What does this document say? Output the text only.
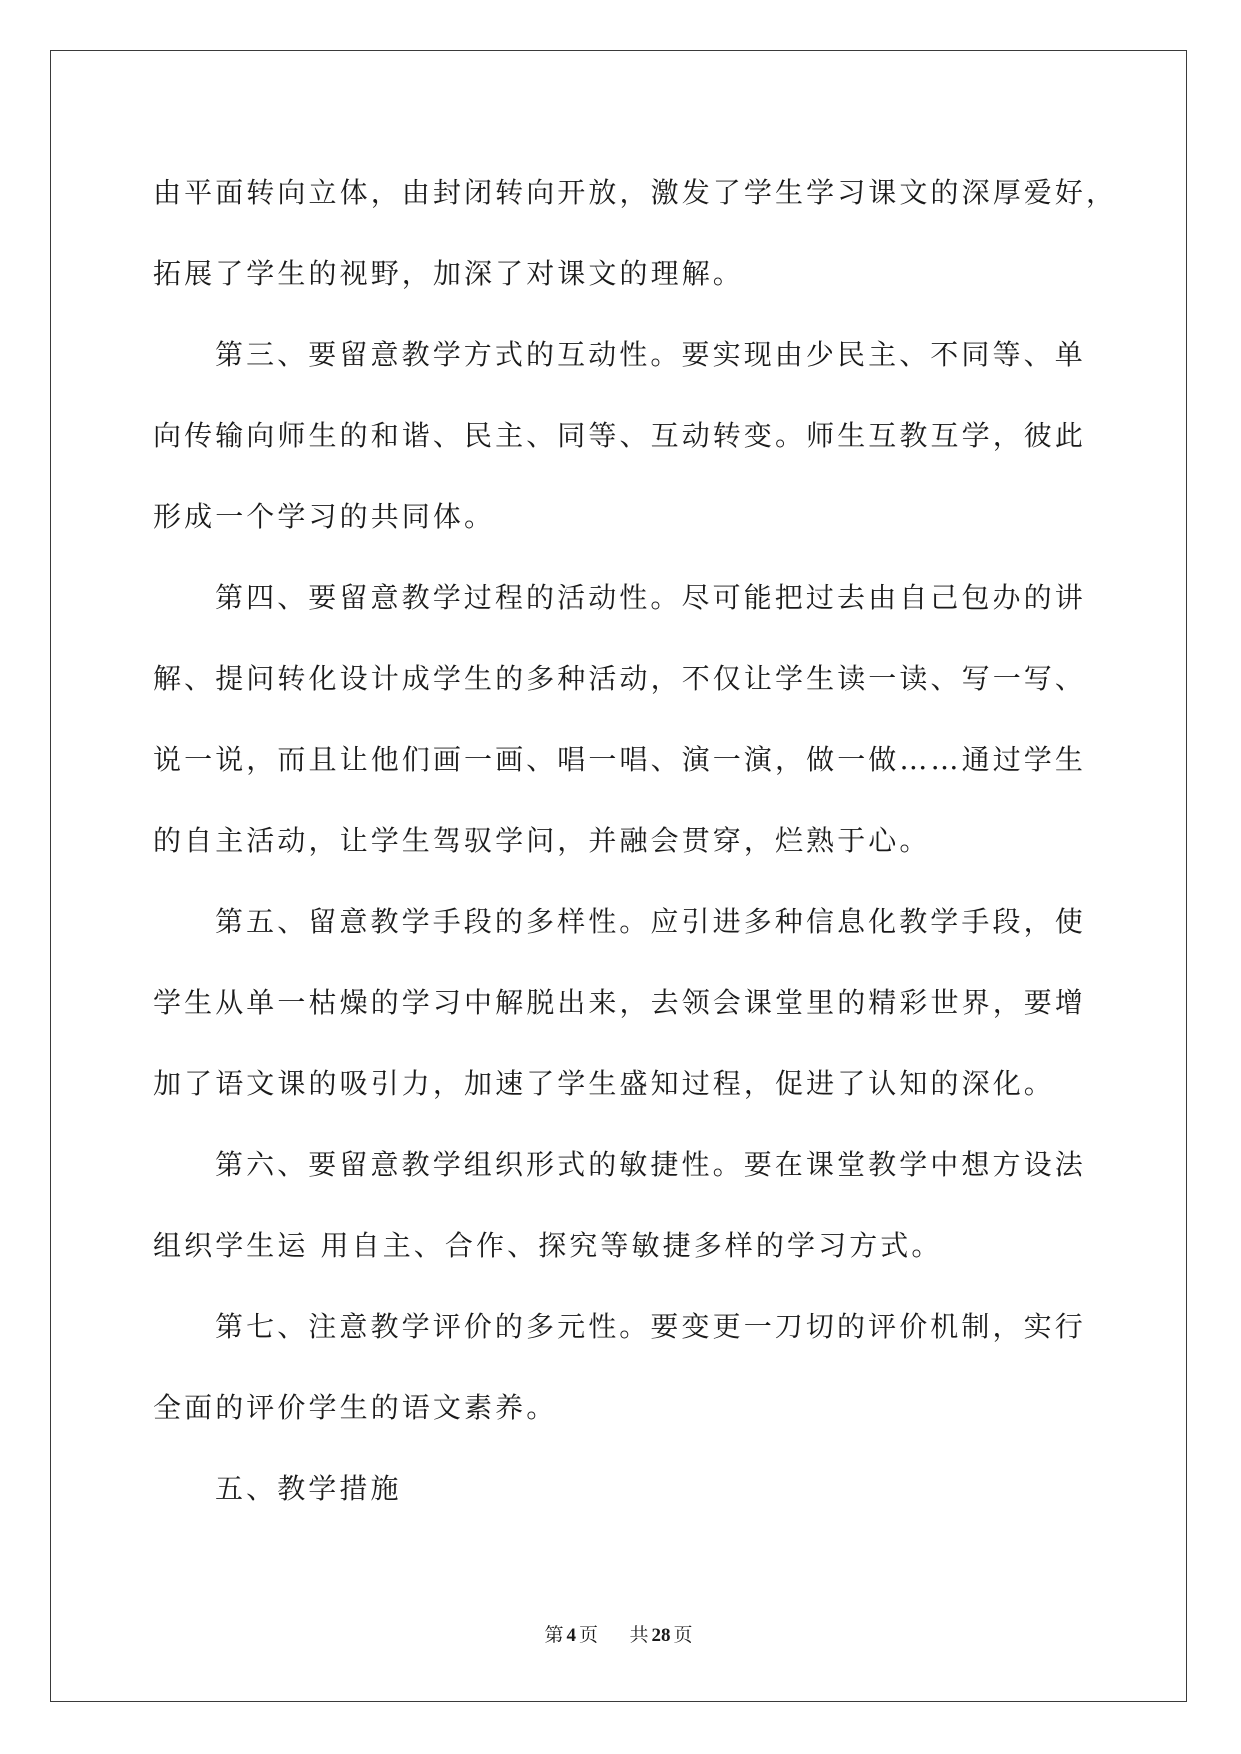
由平面转向立体，由封闭转向开放，激发了学生学习课文的深厚爱好，
拓展了学生的视野，加深了对课文的理解。
第三、要留意教学方式的互动性。要实现由少民主、不同等、单
向传输向师生的和谐、民主、同等、互动转变。师生互教互学，彼此
形成一个学习的共同体。
第四、要留意教学过程的活动性。尽可能把过去由自己包办的讲
解、提问转化设计成学生的多种活动，不仅让学生读一读、写一写、
说一说，而且让他们画一画、唱一唱、演一演，做一做……通过学生
的自主活动，让学生驾驭学问，并融会贯穿，烂熟于心。
第五、留意教学手段的多样性。应引进多种信息化教学手段，使
学生从单一枯燥的学习中解脱出来，去领会课堂里的精彩世界，要增
加了语文课的吸引力，加速了学生盛知过程，促进了认知的深化。
第六、要留意教学组织形式的敏捷性。要在课堂教学中想方设法
组织学生运 用自主、合作、探究等敏捷多样的学习方式。
第七、注意教学评价的多元性。要变更一刀切的评价机制，实行
全面的评价学生的语文素养。
五、教学措施
第 4 页 共 28 页
